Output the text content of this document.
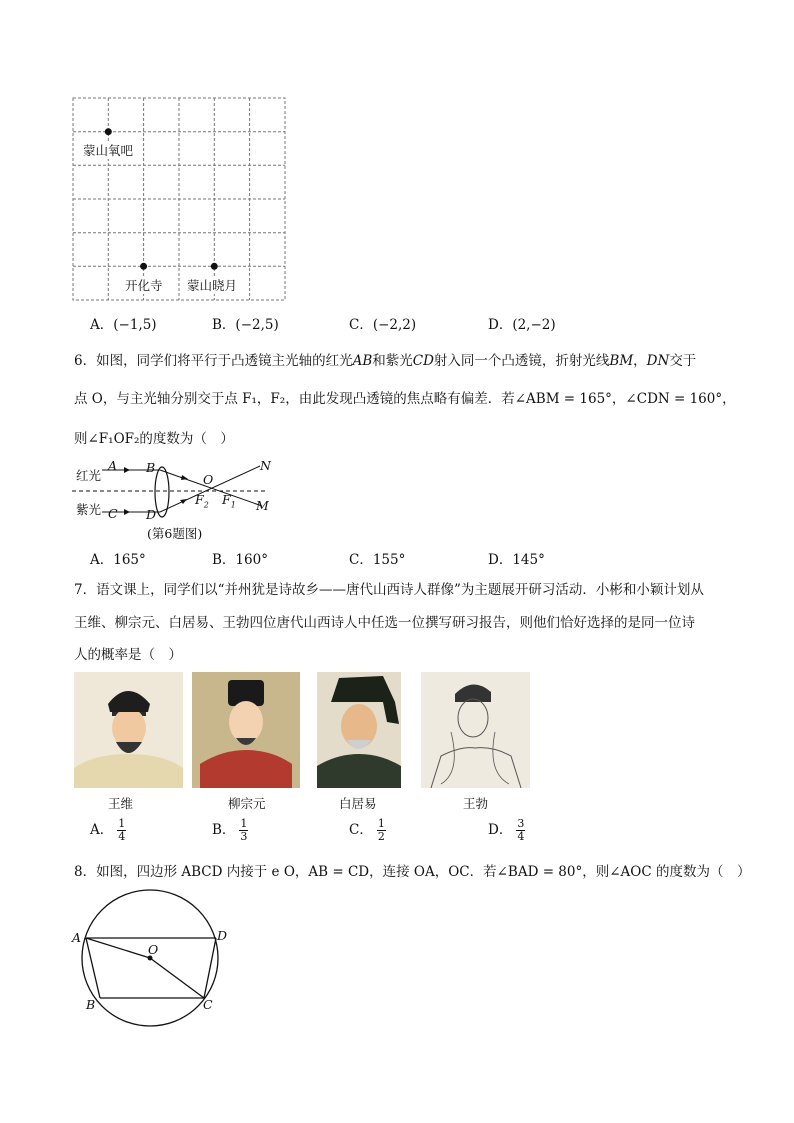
蒙山氧吧
开化寺 蒙山晓月
A．(−1,5)	B．(−2,5)	C．(−2,2)	D．(2,−2)
6．如图，同学们将平行于凸透镜主光轴的红光AB和紫光CD射入同一个凸透镜，折射光线BM，DN交于
点 O，与主光轴分别交于点 F₁，F₂，由此发现凸透镜的焦点略有偏差．若∠ABM = 165°，∠CDN = 160°，
则∠F₁OF₂的度数为（　）
红光
紫光
A B
C D
O
N
M
$F_2$ $F_1$
(第6题图)
A．165°	B．160°	C．155°	D．145°
7．语文课上，同学们以“并州犹是诗故乡——唐代山西诗人群像”为主题展开研习活动．小彬和小颖计划从
王维、柳宗元、白居易、王勃四位唐代山西诗人中任选一位撰写研习报告，则他们恰好选择的是同一位诗
人的概率是（　）
王维	柳宗元	白居易	王勃
A． $\frac{1}{4}$	B． $\frac{1}{3}$	C． $\frac{1}{2}$	D． $\frac{3}{4}$
8．如图，四边形 ABCD 内接于 e O，AB = CD，连接 OA，OC．若∠BAD = 80°，则∠AOC 的度数为（　）
A	D
O
B	C
